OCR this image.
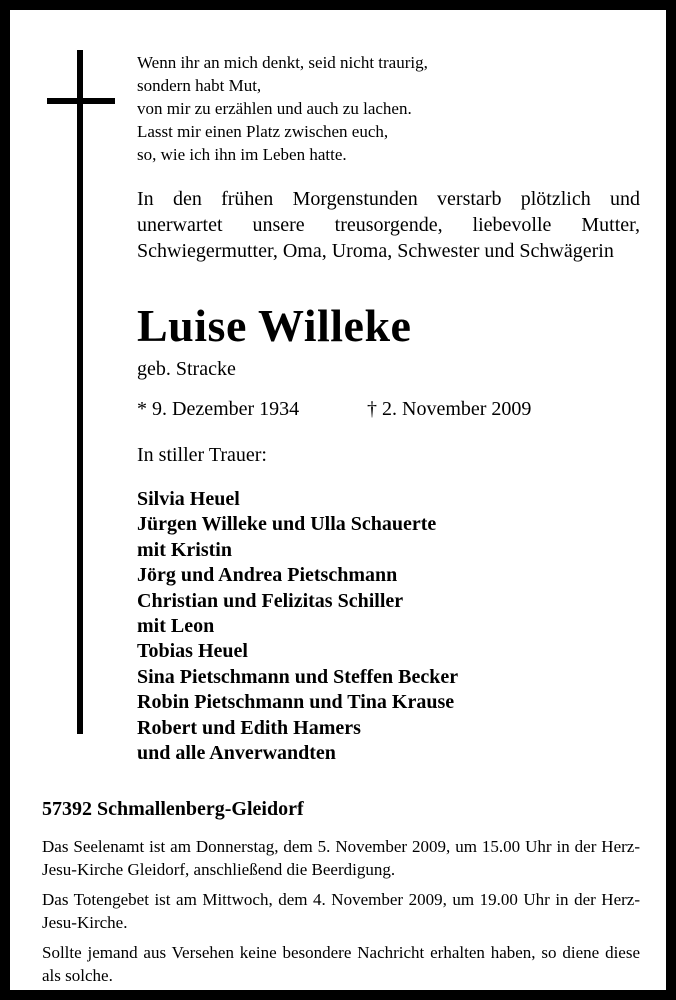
Wenn ihr an mich denkt, seid nicht traurig,
sondern habt Mut,
von mir zu erzählen und auch zu lachen.
Lasst mir einen Platz zwischen euch,
so, wie ich ihn im Leben hatte.
In den frühen Morgenstunden verstarb plötzlich und unerwartet unsere treusorgende, liebevolle Mutter, Schwiegermutter, Oma, Uroma, Schwester und Schwägerin
Luise Willeke
geb. Stracke
* 9. Dezember 1934	† 2. November 2009
In stiller Trauer:
Silvia Heuel
Jürgen Willeke und Ulla Schauerte
mit Kristin
Jörg und Andrea Pietschmann
Christian und Felizitas Schiller
mit Leon
Tobias Heuel
Sina Pietschmann und Steffen Becker
Robin Pietschmann und Tina Krause
Robert und Edith Hamers
und alle Anverwandten
57392 Schmallenberg-Gleidorf
Das Seelenamt ist am Donnerstag, dem 5. November 2009, um 15.00 Uhr in der Herz-Jesu-Kirche Gleidorf, anschließend die Beerdigung.
Das Totengebet ist am Mittwoch, dem 4. November 2009, um 19.00 Uhr in der Herz-Jesu-Kirche.
Sollte jemand aus Versehen keine besondere Nachricht erhalten haben, so diene diese als solche.
